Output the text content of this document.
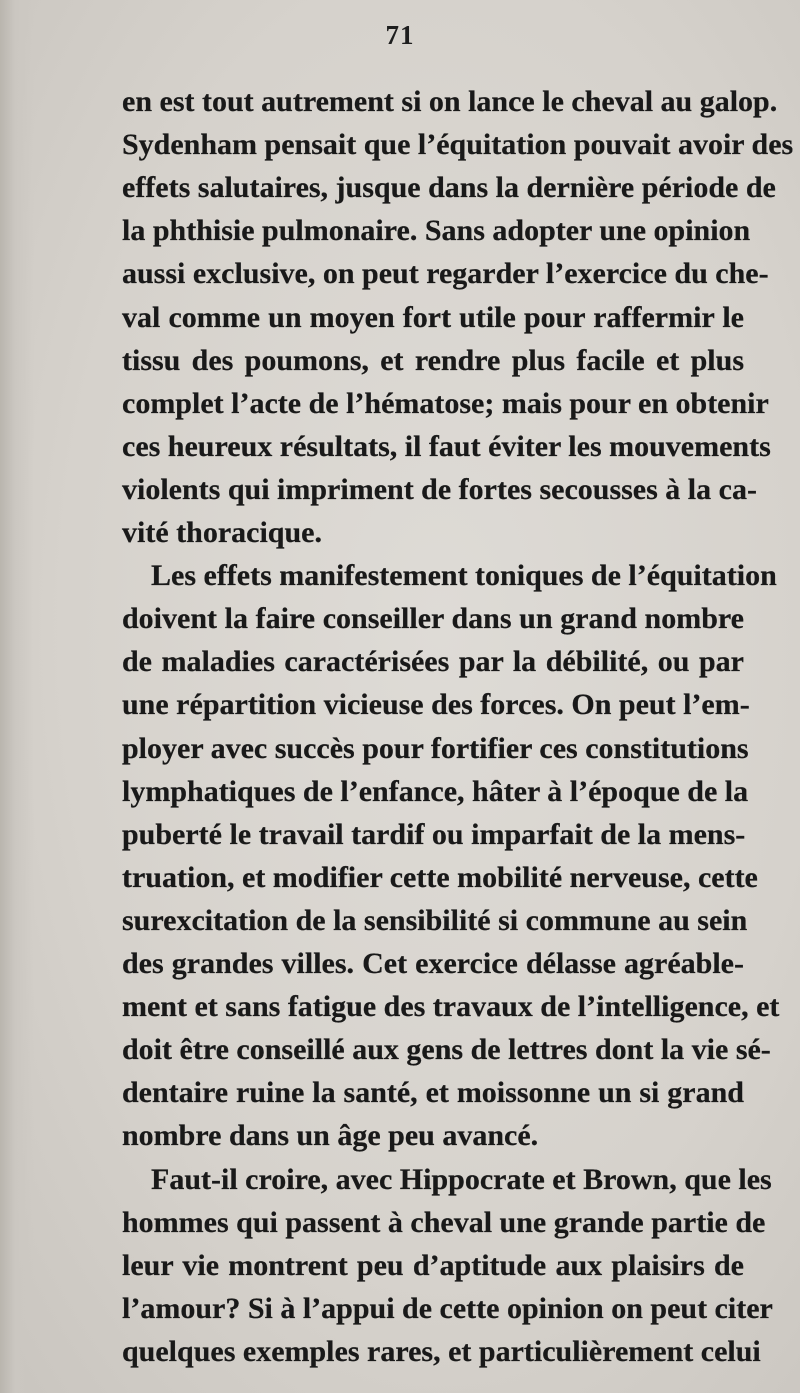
71
en est tout autrement si on lance le cheval au galop.
Sydenham pensait que l’équitation pouvait avoir des
effets salutaires, jusque dans la dernière période de
la phthisie pulmonaire. Sans adopter une opinion
aussi exclusive, on peut regarder l’exercice du che-
val comme un moyen fort utile pour raffermir le
tissu des poumons, et rendre plus facile et plus
complet l’acte de l’hématose; mais pour en obtenir
ces heureux résultats, il faut éviter les mouvements
violents qui impriment de fortes secousses à la ca-
vité thoracique.
Les effets manifestement toniques de l’équitation
doivent la faire conseiller dans un grand nombre
de maladies caractérisées par la débilité, ou par
une répartition vicieuse des forces. On peut l’em-
ployer avec succès pour fortifier ces constitutions
lymphatiques de l’enfance, hâter à l’époque de la
puberté le travail tardif ou imparfait de la mens-
truation, et modifier cette mobilité nerveuse, cette
surexcitation de la sensibilité si commune au sein
des grandes villes. Cet exercice délasse agréable-
ment et sans fatigue des travaux de l’intelligence, et
doit être conseillé aux gens de lettres dont la vie sé-
dentaire ruine la santé, et moissonne un si grand
nombre dans un âge peu avancé.
Faut-il croire, avec Hippocrate et Brown, que les
hommes qui passent à cheval une grande partie de
leur vie montrent peu d’aptitude aux plaisirs de
l’amour? Si à l’appui de cette opinion on peut citer
quelques exemples rares, et particulièrement celui
